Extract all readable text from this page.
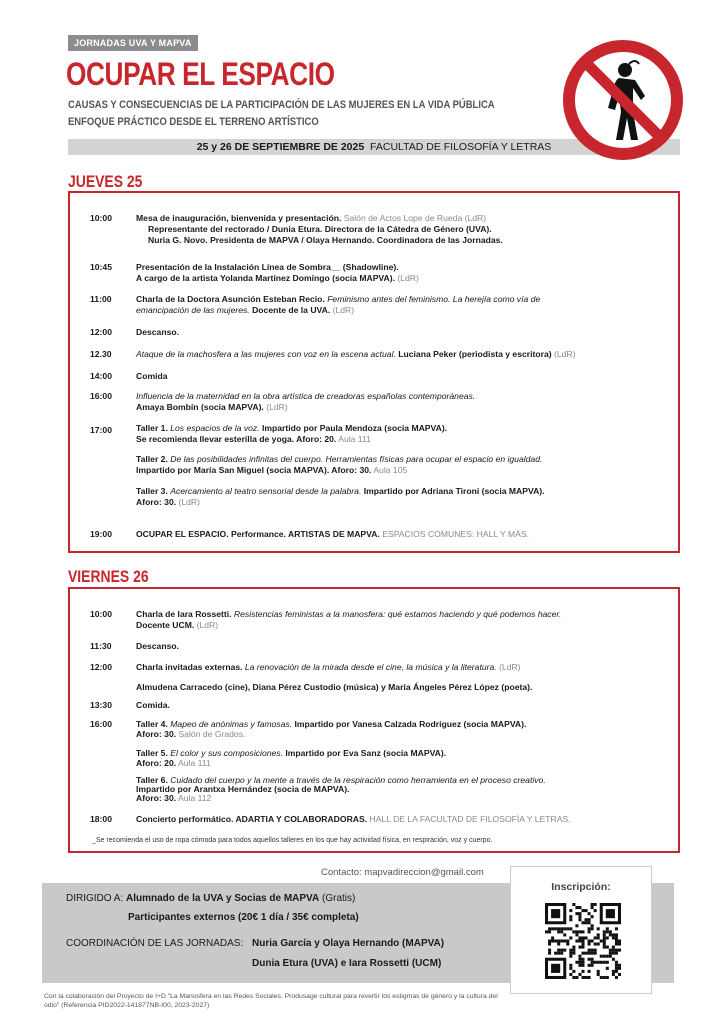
JORNADAS UVA Y MAPVA
OCUPAR EL ESPACIO
CAUSAS Y CONSECUENCIAS DE LA PARTICIPACIÓN DE LAS MUJERES EN LA VIDA PÚBLICA
ENFOQUE PRÁCTICO DESDE EL TERRENO ARTÍSTICO
25 y 26 DE SEPTIEMBRE DE 2025 FACULTAD DE FILOSOFÍA Y LETRAS
JUEVES 25
10:00	Mesa de inauguración, bienvenida y presentación. Salón de Actos Lope de Rueda (LdR)
Representante del rectorado / Dunia Etura. Directora de la Cátedra de Género (UVA).
Nuria G. Novo. Presidenta de MAPVA / Olaya Hernando. Coordinadora de las Jornadas.
10:45	Presentación de la Instalación Línea de Sombra__ (Shadowline).
A cargo de la artista Yolanda Martínez Domingo (socia MAPVA). (LdR)
11:00	Charla de la Doctora Asunción Esteban Recio. Feminismo antes del feminismo. La herejía como vía de
emancipación de las mujeres. Docente de la UVA. (LdR)
12:00	Descanso.
12.30	Ataque de la machosfera a las mujeres con voz en la escena actual. Luciana Peker (periodista y escritora) (LdR)
14:00	Comida
16:00	Influencia de la maternidad en la obra artística de creadoras españolas contemporáneas.
Amaya Bombín (socia MAPVA). (LdR)
17:00	Taller 1. Los espacios de la voz. Impartido por Paula Mendoza (socia MAPVA).
Se recomienda llevar esterilla de yoga. Aforo: 20. Aula 111
Taller 2. De las posibilidades infinitas del cuerpo. Herramientas físicas para ocupar el espacio en igualdad.
Impartido por María San Miguel (socia MAPVA). Aforo: 30. Aula 105
Taller 3. Acercamiento al teatro sensorial desde la palabra. Impartido por Adriana Tironi (socia MAPVA).
Aforo: 30. (LdR)
19:00	OCUPAR EL ESPACIO. Performance. ARTISTAS DE MAPVA. ESPACIOS COMUNES: HALL Y MÁS.
VIERNES 26
10:00	Charla de Iara Rossetti. Resistencias feministas a la manosfera: qué estamos haciendo y qué podemos hacer.
Docente UCM. (LdR)
11:30	Descanso.
12:00	Charla invitadas externas. La renovación de la mirada desde el cine, la música y la literatura. (LdR)
Almudena Carracedo (cine), Diana Pérez Custodio (música) y María Ángeles Pérez López (poeta).
13:30	Comida.
16:00	Taller 4. Mapeo de anónimas y famosas. Impartido por Vanesa Calzada Rodríguez (socia MAPVA).
Aforo: 30. Salón de Grados.
Taller 5. El color y sus composiciones. Impartido por Eva Sanz (socia MAPVA).
Aforo: 20. Aula 111
Taller 6. Cuidado del cuerpo y la mente a través de la respiración como herramienta en el proceso creativo.
Impartido por Arantxa Hernández (socia de MAPVA).
Aforo: 30. Aula 112
18:00	Concierto performático. ADARTIA Y COLABORADORAS. HALL DE LA FACULTAD DE FILOSOFÍA Y LETRAS.
_Se recomienda el uso de ropa cómoda para todos aquellos talleres en los que hay actividad física, en respiración, voz y cuerpo.
Contacto: mapvadireccion@gmail.com
DIRIGIDO A: Alumnado de la UVA y Socias de MAPVA (Gratis)
Participantes externos (20€ 1 día / 35€ completa)
COORDINACIÓN DE LAS JORNADAS: Nuria García y Olaya Hernando (MAPVA)
Dunia Etura (UVA) e Iara Rossetti (UCM)
Inscripción:
Con la colaboración del Proyecto de I+D "La Manosfera en las Redes Sociales. Produsage cultural para revertir los estigmas de género y la cultura del odio" (Referencia PID2022-141877NB-I00, 2023-2027)
